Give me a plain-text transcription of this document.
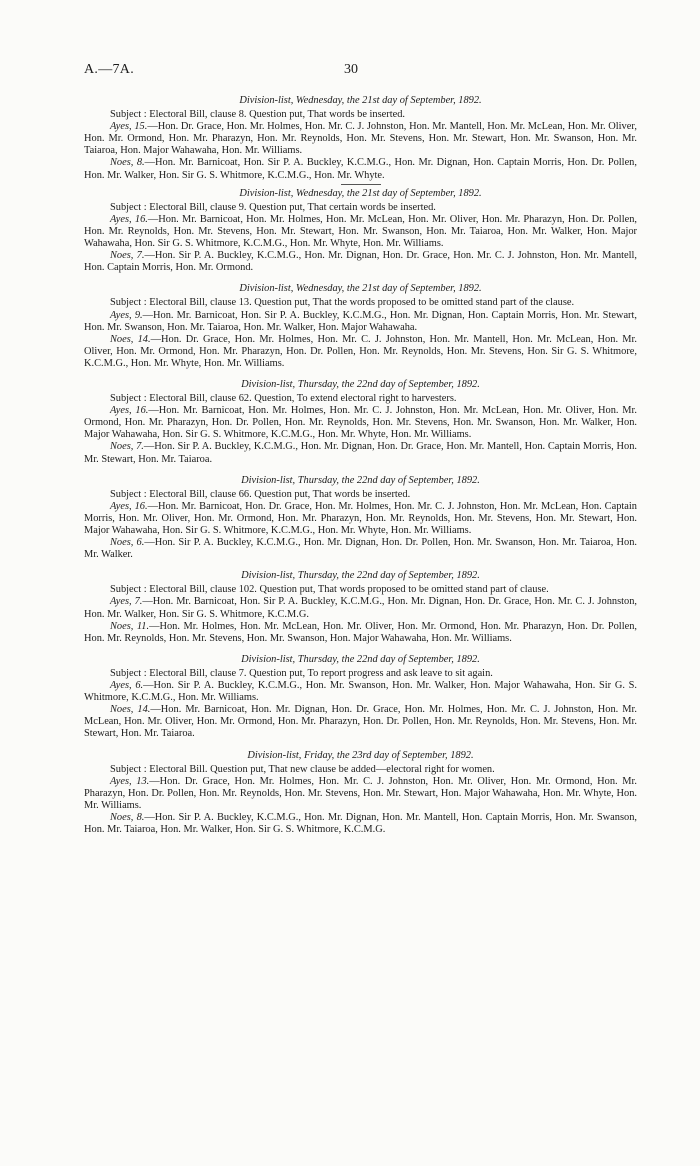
A.—7A.	30
Division-list, Wednesday, the 21st day of September, 1892.

Subject : Electoral Bill, clause 8. Question put, That words be inserted.

Ayes, 15.—Hon. Dr. Grace, Hon. Mr. Holmes, Hon. Mr. C. J. Johnston, Hon. Mr. Mantell, Hon. Mr. McLean, Hon. Mr. Oliver, Hon. Mr. Ormond, Hon. Mr. Pharazyn, Hon. Mr. Reynolds, Hon. Mr. Stevens, Hon. Mr. Stewart, Hon. Mr. Swanson, Hon. Mr. Taiaroa, Hon. Major Wahawaha, Hon. Mr. Williams.

Noes, 8.—Hon. Mr. Barnicoat, Hon. Sir P. A. Buckley, K.C.M.G., Hon. Mr. Dignan, Hon. Captain Morris, Hon. Dr. Pollen, Hon. Mr. Walker, Hon. Sir G. S. Whitmore, K.C.M.G., Hon. Mr. Whyte.

Division-list, Wednesday, the 21st day of September, 1892.

Subject : Electoral Bill, clause 9. Question put, That certain words be inserted.

Ayes, 16.—Hon. Mr. Barnicoat, Hon. Mr. Holmes, Hon. Mr. McLean, Hon. Mr. Oliver, Hon. Mr. Pharazyn, Hon. Dr. Pollen, Hon. Mr. Reynolds, Hon. Mr. Stevens, Hon. Mr. Stewart, Hon. Mr. Swanson, Hon. Mr. Taiaroa, Hon. Mr. Walker, Hon. Major Wahawaha, Hon. Sir G. S. Whitmore, K.C.M.G., Hon. Mr. Whyte, Hon. Mr. Williams.

Noes, 7.—Hon. Sir P. A. Buckley, K.C.M.G., Hon. Mr. Dignan, Hon. Dr. Grace, Hon. Mr. C. J. Johnston, Hon. Mr. Mantell, Hon. Captain Morris, Hon. Mr. Ormond.

Division-list, Wednesday, the 21st day of September, 1892.

Subject : Electoral Bill, clause 13. Question put, That the words proposed to be omitted stand part of the clause.

Ayes, 9.—Hon. Mr. Barnicoat, Hon. Sir P. A. Buckley, K.C.M.G., Hon. Mr. Dignan, Hon. Captain Morris, Hon. Mr. Stewart, Hon. Mr. Swanson, Hon. Mr. Taiaroa, Hon. Mr. Walker, Hon. Major Wahawaha.

Noes, 14.—Hon. Dr. Grace, Hon. Mr. Holmes, Hon. Mr. C. J. Johnston, Hon. Mr. Mantell, Hon. Mr. McLean, Hon. Mr. Oliver, Hon. Mr. Ormond, Hon. Mr. Pharazyn, Hon. Dr. Pollen, Hon. Mr. Reynolds, Hon. Mr. Stevens, Hon. Sir G. S. Whitmore, K.C.M.G., Hon. Mr. Whyte, Hon. Mr. Williams.

Division-list, Thursday, the 22nd day of September, 1892.

Subject : Electoral Bill, clause 62. Question, To extend electoral right to harvesters.

Ayes, 16.—Hon. Mr. Barnicoat, Hon. Mr. Holmes, Hon. Mr. C. J. Johnston, Hon. Mr. McLean, Hon. Mr. Oliver, Hon. Mr. Ormond, Hon. Mr. Pharazyn, Hon. Dr. Pollen, Hon. Mr. Reynolds, Hon. Mr. Stevens, Hon. Mr. Swanson, Hon. Mr. Walker, Hon. Major Wahawaha, Hon. Sir G. S. Whitmore, K.C.M.G., Hon. Mr. Whyte, Hon. Mr. Williams.

Noes, 7.—Hon. Sir P. A. Buckley, K.C.M.G., Hon. Mr. Dignan, Hon. Dr. Grace, Hon. Mr. Mantell, Hon. Captain Morris, Hon. Mr. Stewart, Hon. Mr. Taiaroa.

Division-list, Thursday, the 22nd day of September, 1892.

Subject : Electoral Bill, clause 66. Question put, That words be inserted.

Ayes, 16.—Hon. Mr. Barnicoat, Hon. Dr. Grace, Hon. Mr. Holmes, Hon. Mr. C. J. Johnston, Hon. Mr. McLean, Hon. Captain Morris, Hon. Mr. Oliver, Hon. Mr. Ormond, Hon. Mr. Pharazyn, Hon. Mr. Reynolds, Hon. Mr. Stevens, Hon. Mr. Stewart, Hon. Major Wahawaha, Hon. Sir G. S. Whitmore, K.C.M.G., Hon. Mr. Whyte, Hon. Mr. Williams.

Noes, 6.—Hon. Sir P. A. Buckley, K.C.M.G., Hon. Mr. Dignan, Hon. Dr. Pollen, Hon. Mr. Swanson, Hon. Mr. Taiaroa, Hon. Mr. Walker.

Division-list, Thursday, the 22nd day of September, 1892.

Subject : Electoral Bill, clause 102. Question put, That words proposed to be omitted stand part of clause.

Ayes, 7.—Hon. Mr. Barnicoat, Hon. Sir P. A. Buckley, K.C.M.G., Hon. Mr. Dignan, Hon. Dr. Grace, Hon. Mr. C. J. Johnston, Hon. Mr. Walker, Hon. Sir G. S. Whitmore, K.C.M.G.

Noes, 11.—Hon. Mr. Holmes, Hon. Mr. McLean, Hon. Mr. Oliver, Hon. Mr. Ormond, Hon. Mr. Pharazyn, Hon. Dr. Pollen, Hon. Mr. Reynolds, Hon. Mr. Stevens, Hon. Mr. Swanson, Hon. Major Wahawaha, Hon. Mr. Williams.

Division-list, Thursday, the 22nd day of September, 1892.

Subject : Electoral Bill, clause 7. Question put, To report progress and ask leave to sit again.

Ayes, 6.—Hon. Sir P. A. Buckley, K.C.M.G., Hon. Mr. Swanson, Hon. Mr. Walker, Hon. Major Wahawaha, Hon. Sir G. S. Whitmore, K.C.M.G., Hon. Mr. Williams.

Noes, 14.—Hon. Mr. Barnicoat, Hon. Mr. Dignan, Hon. Dr. Grace, Hon. Mr. Holmes, Hon. Mr. C. J. Johnston, Hon. Mr. McLean, Hon. Mr. Oliver, Hon. Mr. Ormond, Hon. Mr. Pharazyn, Hon. Dr. Pollen, Hon. Mr. Reynolds, Hon. Mr. Stevens, Hon. Mr. Stewart, Hon. Mr. Taiaroa.

Division-list, Friday, the 23rd day of September, 1892.

Subject : Electoral Bill. Question put, That new clause be added—electoral right for women.

Ayes, 13.—Hon. Dr. Grace, Hon. Mr. Holmes, Hon. Mr. C. J. Johnston, Hon. Mr. Oliver, Hon. Mr. Ormond, Hon. Mr. Pharazyn, Hon. Dr. Pollen, Hon. Mr. Reynolds, Hon. Mr. Stevens, Hon. Mr. Stewart, Hon. Major Wahawaha, Hon. Mr. Whyte, Hon. Mr. Williams.

Noes, 8.—Hon. Sir P. A. Buckley, K.C.M.G., Hon. Mr. Dignan, Hon. Mr. Mantell, Hon. Captain Morris, Hon. Mr. Swanson, Hon. Mr. Taiaroa, Hon. Mr. Walker, Hon. Sir G. S. Whitmore, K.C.M.G.
